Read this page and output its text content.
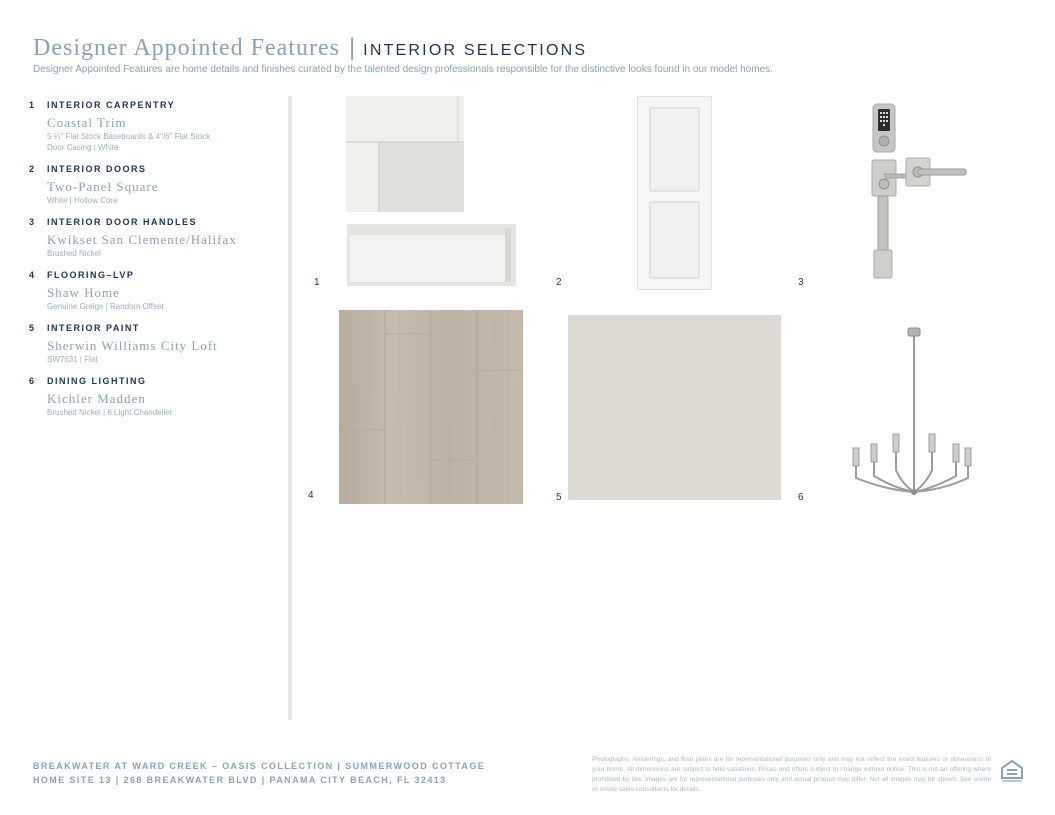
Designer Appointed Features | INTERIOR SELECTIONS
Designer Appointed Features are home details and finishes curated by the talented design professionals responsible for the distinctive looks found in our model homes.
1	INTERIOR CARPENTRY
Coastal Trim
5 ¼" Flat Stock Baseboards & 4"/6" Flat Stock
Door Casing | White
2	INTERIOR DOORS
Two-Panel Square
White | Hollow Core
3	INTERIOR DOOR HANDLES
Kwikset San Clemente/Halifax
Brushed Nickel
4	FLOORING–LVP
Shaw Home
Genuine Greige | Random Offset
5	INTERIOR PAINT
Sherwin Williams City Loft
SW7631 | Flat
6	DINING LIGHTING
Kichler Madden
Brushed Nickel | 6 Light Chandelier
1	2	3
4	5	6
BREAKWATER AT WARD CREEK – OASIS COLLECTION | SUMMERWOOD COTTAGE
HOME SITE 13 | 268 BREAKWATER BLVD | PANAMA CITY BEACH, FL 32413
Photographs, renderings, and floor plans are for representational purposes only and may not reflect the exact features or dimensions of your home. All dimensions are subject to field variations. Prices and offers subject to change without notice. This is not an offering where prohibited by law. Images are for representational purposes only and actual product may differ. Not all images may be shown. See online or onsite sales consultants for details.
